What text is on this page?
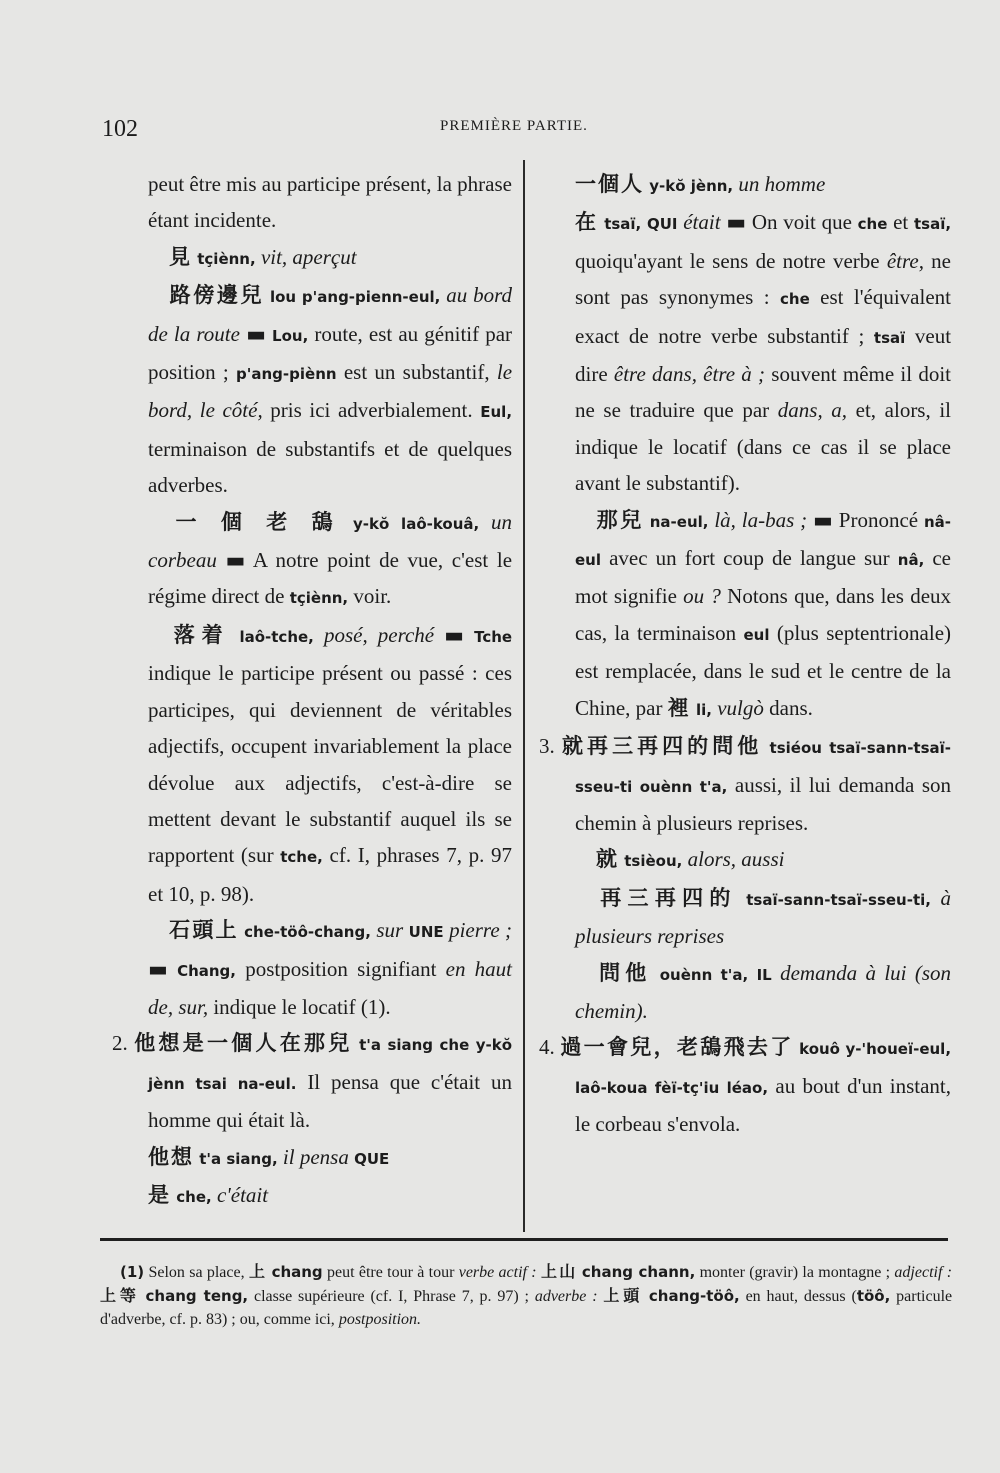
102	PREMIÈRE PARTIE.

peut être mis au participe présent, la phrase étant incidente.

 見 tçiènn, vit, aperçut

 路傍邊兒 lou p'ang-pienn-eul, au bord de la route ▬ Lou, route, est au génitif par position ; p'ang-piènn est un substantif, le bord, le côté, pris ici adverbialement. Eul, terminaison de substantifs et de quelques adverbes.

 一 個 老 鴰 y-kŏ laô-kouâ, un corbeau ▬ A notre point de vue, c'est le régime direct de tçiènn, voir.

 落着 laô-tche, posé, perché ▬ Tche indique le participe présent ou passé : ces participes, qui deviennent de véritables adjectifs, occupent invariablement la place dévolue aux adjectifs, c'est-à-dire se mettent devant le substantif auquel ils se rapportent (sur tche, cf. I, phrases 7, p. 97 et 10, p. 98).

 石頭上 che-töô-chang, sur UNE pierre ; ▬ Chang, postposition signifiant en haut de, sur, indique le locatif (1).

2. 他想是一個人在那兒 t'a siang che y-kŏ jènn tsai na-eul. Il pensa que c'était un homme qui était là.

他想 t'a siang, il pensa QUE

是 che, c'était

一個人 y-kŏ jènn, un homme

在 tsaï, QUI était ▬ On voit que che et tsaï, quoiqu'ayant le sens de notre verbe être, ne sont pas synonymes : che est l'équivalent exact de notre verbe substantif ; tsaï veut dire être dans, être à ; souvent même il doit ne se traduire que par dans, a, et, alors, il indique le locatif (dans ce cas il se place avant le substantif).

 那兒 na-eul, là, la-bas ; ▬ Prononcé nâ-eul avec un fort coup de langue sur nâ, ce mot signifie ou ? Notons que, dans les deux cas, la terminaison eul (plus septentrionale) est remplacée, dans le sud et le centre de la Chine, par 裡 li, vulgò dans.

3. 就再三再四的問他 tsiéou tsaï-sann-tsaï-sseu-ti ouènn t'a, aussi, il lui demanda son chemin à plusieurs reprises.

 就 tsièou, alors, aussi

 再三再四的 tsaï-sann-tsaï-sseu-ti, à plusieurs reprises

 問他 ouènn t'a, IL demanda à lui (son chemin).

4. 過一會兒，老鴰飛去了 kouô y-'houeï-eul, laô-koua fèï-tç'iu léao, au bout d'un instant, le corbeau s'envola.

(1) Selon sa place, 上 chang peut être tour à tour verbe actif : 上山 chang chann, monter (gravir) la montagne ; adjectif : 上等 chang teng, classe supérieure (cf. I, Phrase 7, p. 97) ; adverbe : 上頭 chang-töô, en haut, dessus (töô, particule d'adverbe, cf. p. 83) ; ou, comme ici, postposition.
